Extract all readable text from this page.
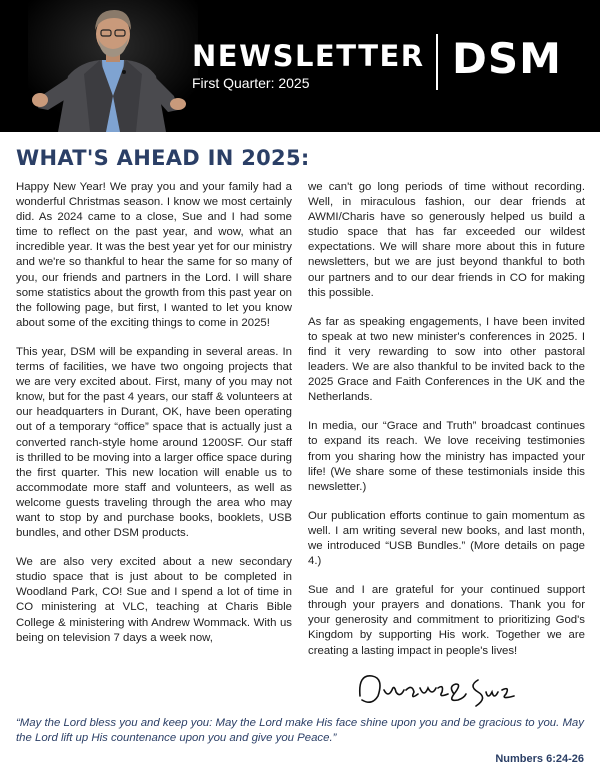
NEWSLETTER
First Quarter: 2025	DSM
WHAT'S AHEAD IN 2025:

Happy New Year! We pray you and your family had a wonderful Christmas season. I know we most certainly did. As 2024 came to a close, Sue and I had some time to reflect on the past year, and wow, what an incredible year. It was the best year yet for our ministry and we're so thankful to hear the same for so many of you, our friends and partners in the Lord. I will share some statistics about the growth from this past year on the following page, but first, I wanted to let you know about some of the exciting things to come in 2025!

This year, DSM will be expanding in several areas. In terms of facilities, we have two ongoing projects that we are very excited about. First, many of you may not know, but for the past 4 years, our staff & volunteers at our headquarters in Durant, OK, have been operating out of a temporary “office” space that is actually just a converted ranch-style home around 1200SF. Our staff is thrilled to be moving into a larger office space during the first quarter. This new location will enable us to accommodate more staff and volunteers, as well as welcome guests traveling through the area who may want to stop by and purchase books, booklets, USB bundles, and other DSM products.

We are also very excited about a new secondary studio space that is just about to be completed in Woodland Park, CO! Sue and I spend a lot of time in CO ministering at VLC, teaching at Charis Bible College & ministering with Andrew Wommack. With us being on television 7 days a week now,

we can't go long periods of time without recording. Well, in miraculous fashion, our dear friends at AWMI/Charis have so generously helped us build a studio space that has far exceeded our wildest expectations. We will share more about this in future newsletters, but we are just beyond thankful to both our partners and to our dear friends in CO for making this possible.

As far as speaking engagements, I have been invited to speak at two new minister's conferences in 2025. I find it very rewarding to sow into other pastoral leaders. We are also thankful to be invited back to the 2025 Grace and Faith Conferences in the UK and the Netherlands.

In media, our “Grace and Truth” broadcast continues to expand its reach. We love receiving testimonies from you sharing how the ministry has impacted your life! (We share some of these testimonials inside this newsletter.)

Our publication efforts continue to gain momentum as well. I am writing several new books, and last month, we introduced “USB Bundles.” (More details on page 4.)

Sue and I are grateful for your continued support through your prayers and donations. Thank you for your generosity and commitment to prioritizing God's Kingdom by supporting His work. Together we are creating a lasting impact in people's lives!

“May the Lord bless you and keep you: May the Lord make His face shine upon you and be gracious to you. May the Lord lift up His countenance upon you and give you Peace.”
Numbers 6:24-26
